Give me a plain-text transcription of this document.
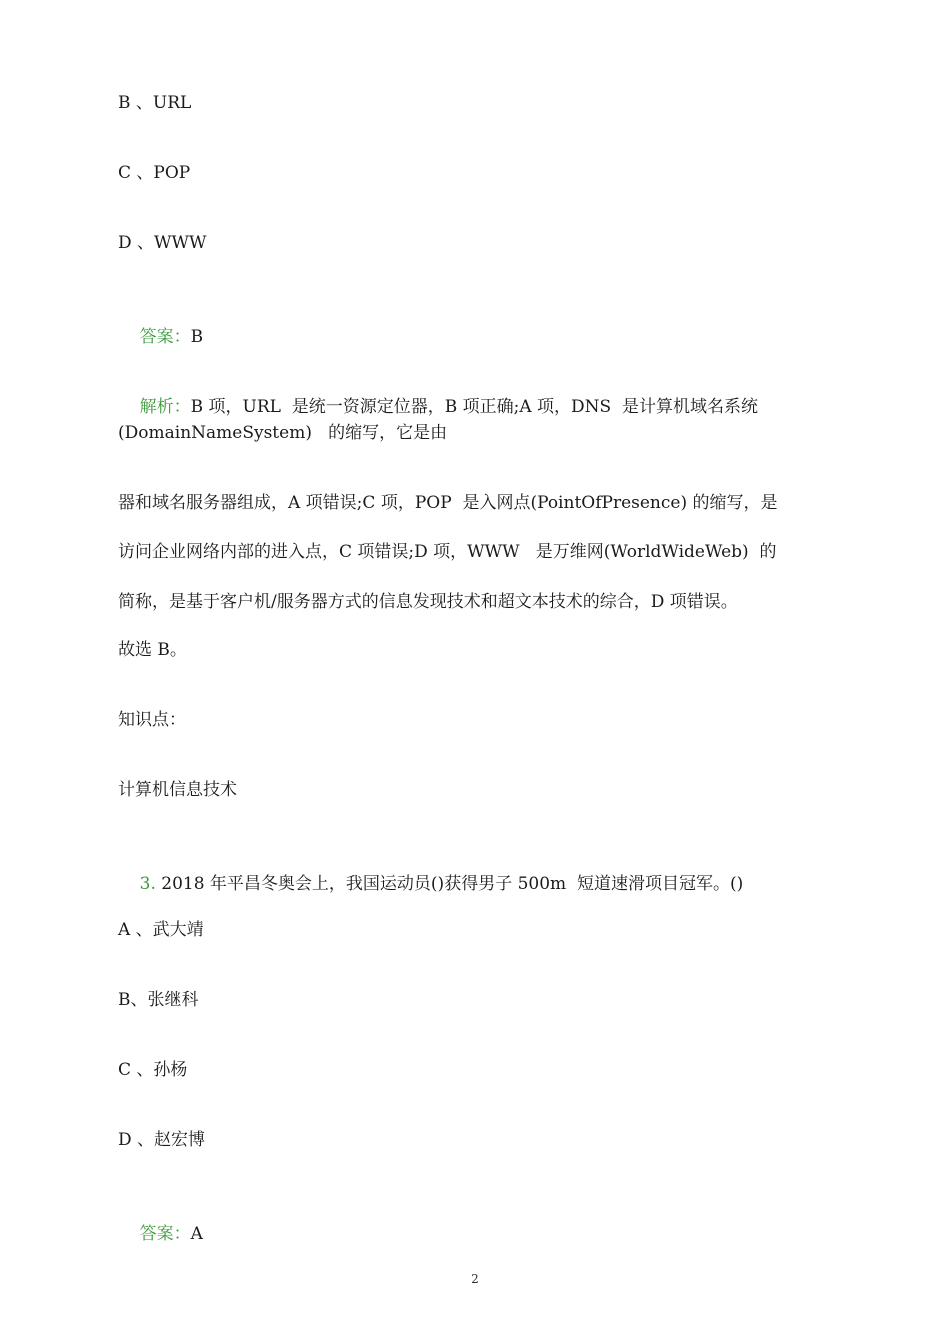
B 、URL
C 、POP
D 、WWW

答案：B

解析：B 项，URL  是统一资源定位器，B 项正确;A 项，DNS  是计算机域名系统

(DomainNameSystem)   的缩写，它是由
器和域名服务器组成，A 项错误;C 项，POP  是入网点(PointOfPresence) 的缩写，是
访问企业网络内部的进入点，C 项错误;D 项，WWW   是万维网(WorldWideWeb)  的
简称，是基于客户机/服务器方式的信息发现技术和超文本技术的综合，D 项错误。
故选 B。
知识点：
计算机信息技术

3. 2018 年平昌冬奥会上，我国运动员()获得男子 500m  短道速滑项目冠军。()

A 、武大靖
B、张继科
C 、孙杨
D 、赵宏博

答案：A

2
